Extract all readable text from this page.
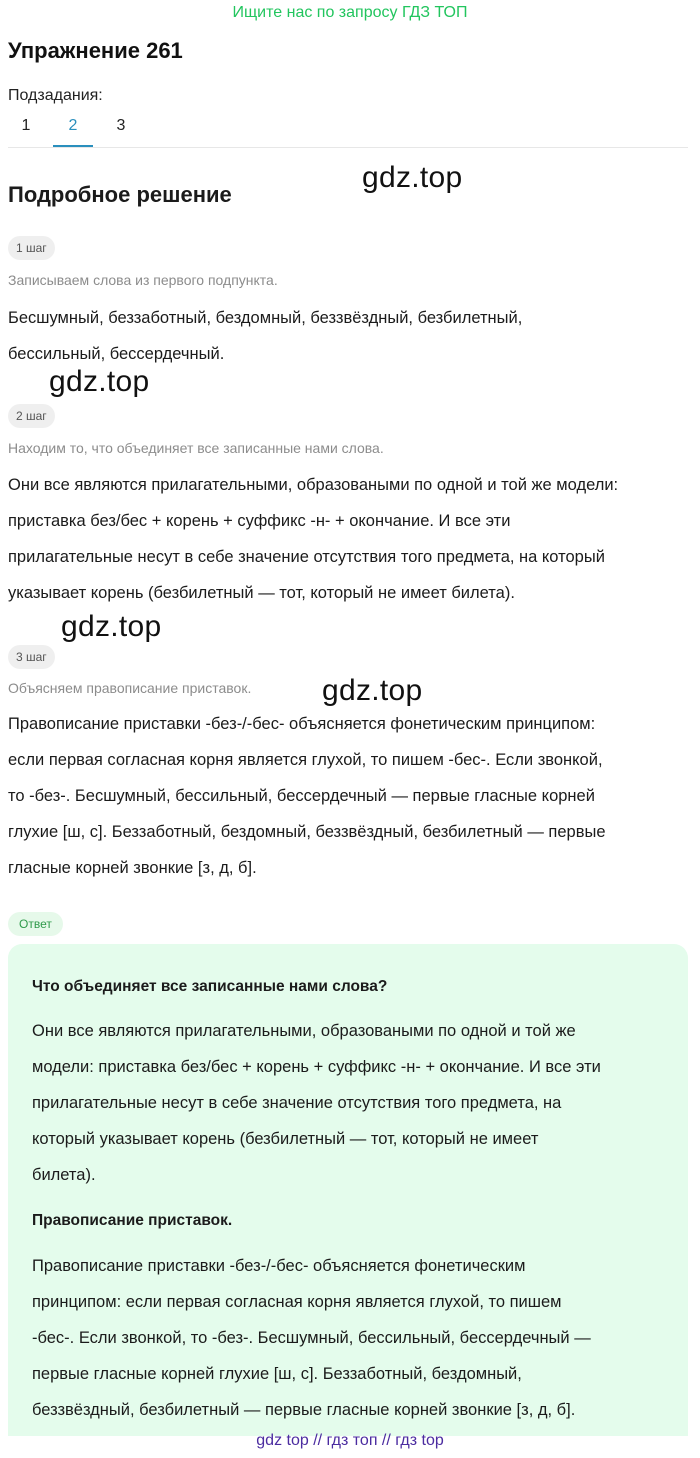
Ищите нас по запросу ГДЗ ТОП
Упражнение 261
Подзадания:
1	2	3
Подробное решение
gdz.top
gdz.top
gdz.top
gdz.top
1 шаг
Записываем слова из первого подпункта.
Бесшумный, беззаботный, бездомный, беззвёздный, безбилетный,
бессильный, бессердечный.
2 шаг
Находим то, что объединяет все записанные нами слова.
Они все являются прилагательными, образоваными по одной и той же модели:
приставка без/бес + корень + суффикс -н- + окончание. И все эти
прилагательные несут в себе значение отсутствия того предмета, на который
указывает корень (безбилетный — тот, который не имеет билета).
3 шаг
Объясняем правописание приставок.
Правописание приставки -без-/-бес- объясняется фонетическим принципом:
если первая согласная корня является глухой, то пишем -бес-. Если звонкой,
то -без-. Бесшумный, бессильный, бессердечный — первые гласные корней
глухие [ш, с]. Беззаботный, бездомный, беззвёздный, безбилетный — первые
гласные корней звонкие [з, д, б].
Ответ
Что объединяет все записанные нами слова?
Они все являются прилагательными, образоваными по одной и той же
модели: приставка без/бес + корень + суффикс -н- + окончание. И все эти
прилагательные несут в себе значение отсутствия того предмета, на
который указывает корень (безбилетный — тот, который не имеет
билета).
Правописание приставок.
Правописание приставки -без-/-бес- объясняется фонетическим
принципом: если первая согласная корня является глухой, то пишем
-бес-. Если звонкой, то -без-. Бесшумный, бессильный, бессердечный —
первые гласные корней глухие [ш, с]. Беззаботный, бездомный,
беззвёздный, безбилетный — первые гласные корней звонкие [з, д, б].
gdz top // гдз топ // гдз top
